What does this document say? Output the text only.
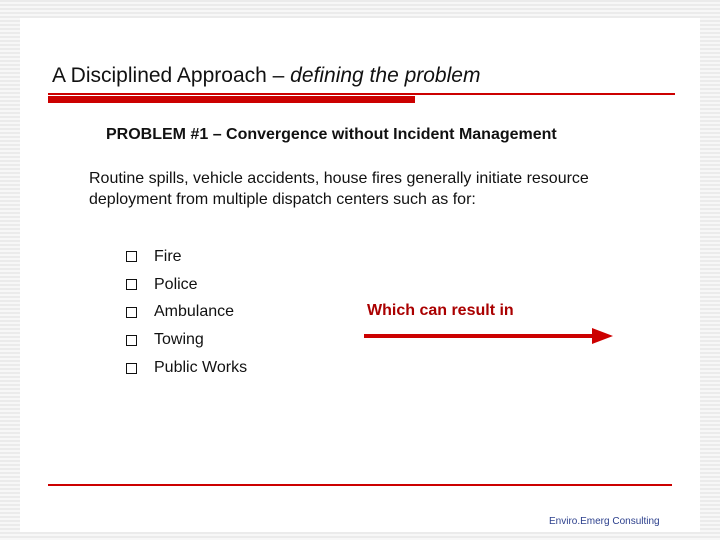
A Disciplined Approach – defining the problem
PROBLEM #1 – Convergence without Incident Management
Routine spills, vehicle accidents, house fires generally initiate resource deployment from multiple dispatch centers such as for:
Fire
Police
Ambulance
Towing
Public Works
Which can result in
Enviro.Emerg Consulting
